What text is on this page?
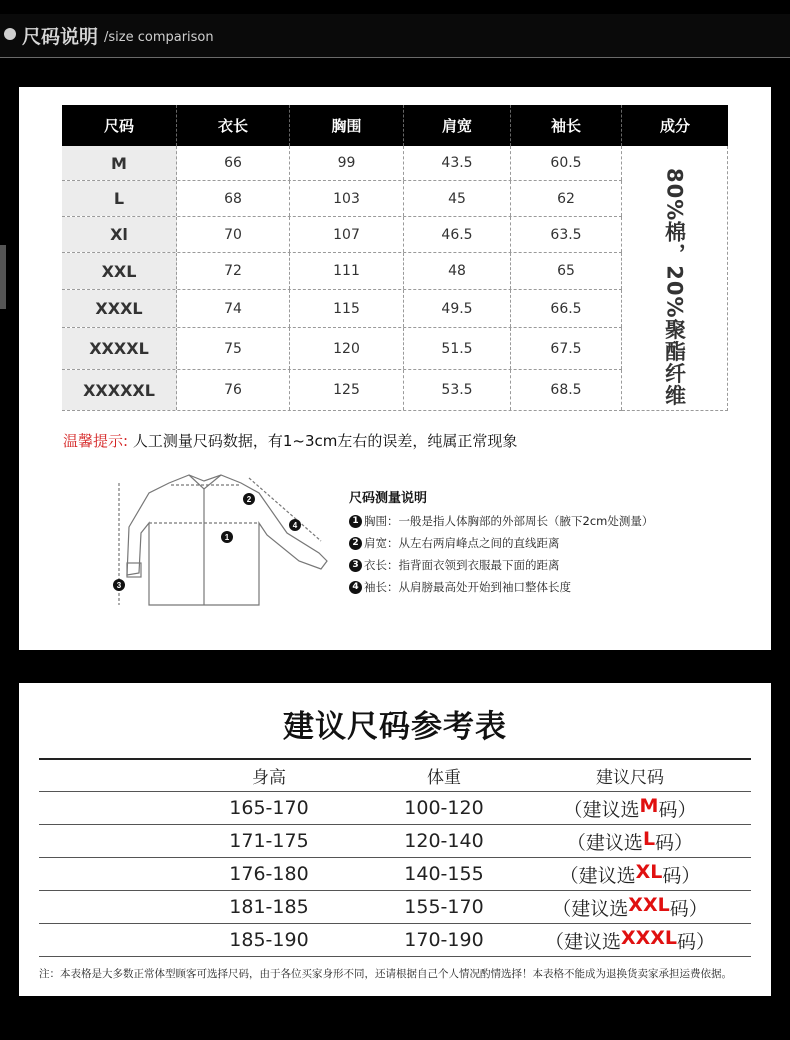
尺码说明 /size comparison
尺码	衣长	胸围	肩宽	袖长	成分
M	66	99	43.5	60.5
L	68	103	45	62
Xl	70	107	46.5	63.5
XXL	72	111	48	65
XXXL	74	115	49.5	66.5
XXXXL	75	120	51.5	67.5
XXXXXL	76	125	53.5	68.5	80%棉，20%聚酯纤维
温馨提示: 人工测量尺码数据，有1~3cm左右的误差，纯属正常现象
1
2
3
4
尺码测量说明
1 胸围：一般是指人体胸部的外部周长（腋下2cm处测量）
2 肩宽：从左右两肩峰点之间的直线距离
3 衣长：指背面衣领到衣服最下面的距离
4 袖长：从肩膀最高处开始到袖口整体长度
建议尺码参考表
身高	体重	建议尺码
165-170	100-120	（建议选 M 码）
171-175	120-140	（建议选 L 码）
176-180	140-155	（建议选 XL 码）
181-185	155-170	（建议选 XXL 码）
185-190	170-190	（建议选 XXXL 码）
注：本表格是大多数正常体型顾客可选择尺码，由于各位买家身形不同，还请根据自己个人情况酌情选择！本表格不能成为退换货卖家承担运费依据。
